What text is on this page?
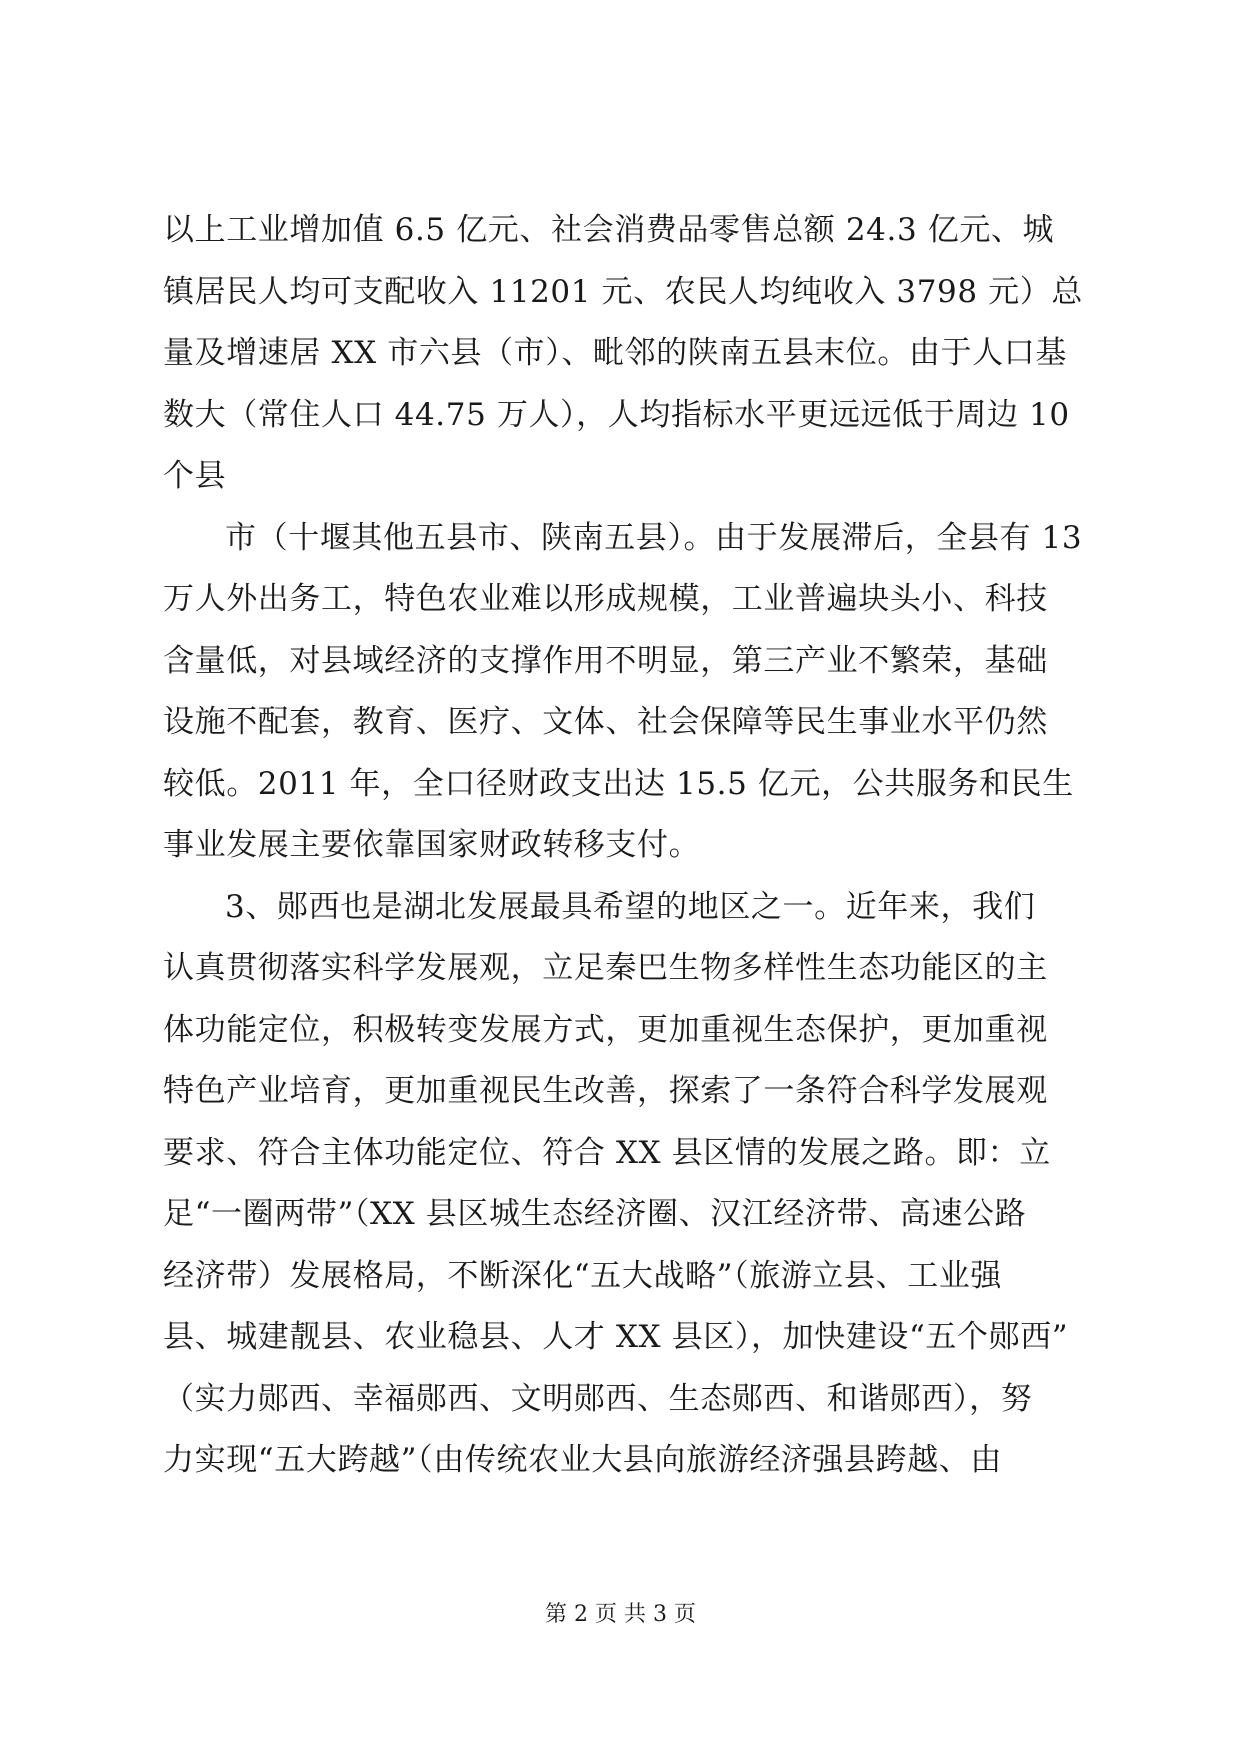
以上工业增加值 6.5 亿元、社会消费品零售总额 24.3 亿元、城
镇居民人均可支配收入 11201 元、农民人均纯收入 3798 元）总
量及增速居 XX 市六县（市）、毗邻的陕南五县末位。由于人口基
数大（常住人口 44.75 万人），人均指标水平更远远低于周边 10
个县
市（十堰其他五县市、陕南五县）。由于发展滞后，全县有 13
万人外出务工，特色农业难以形成规模，工业普遍块头小、科技
含量低，对县域经济的支撑作用不明显，第三产业不繁荣，基础
设施不配套，教育、医疗、文体、社会保障等民生事业水平仍然
较低。2011 年，全口径财政支出达 15.5 亿元，公共服务和民生
事业发展主要依靠国家财政转移支付。
3、郧西也是湖北发展最具希望的地区之一。近年来，我们
认真贯彻落实科学发展观，立足秦巴生物多样性生态功能区的主
体功能定位，积极转变发展方式，更加重视生态保护，更加重视
特色产业培育，更加重视民生改善，探索了一条符合科学发展观
要求、符合主体功能定位、符合 XX 县区情的发展之路。即：立
足“一圈两带”（XX 县区城生态经济圈、汉江经济带、高速公路
经济带）发展格局，不断深化“五大战略”（旅游立县、工业强
县、城建靓县、农业稳县、人才 XX 县区），加快建设“五个郧西”
（实力郧西、幸福郧西、文明郧西、生态郧西、和谐郧西），努
力实现“五大跨越”（由传统农业大县向旅游经济强县跨越、由
第 2 页 共 3 页
